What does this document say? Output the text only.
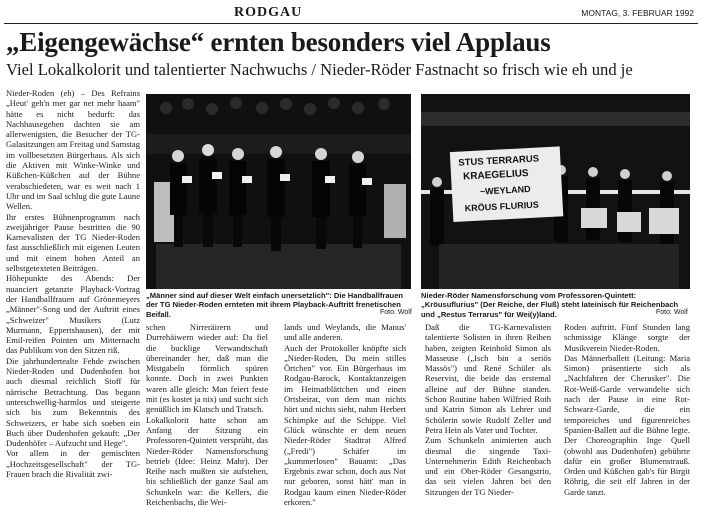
RODGAU	MONTAG, 3. FEBRUAR 1992
„Eigengewächse“ ernten besonders viel Applaus
Viel Lokalkolorit und talentierter Nachwuchs / Nieder-Röder Fastnacht so frisch wie eh und je

Nieder-Roden (eh) – Des Refrains „Heut' geh'n mer gar net mehr haam" hätte es nicht bedurft: das Nachhausegehen dachten sie am allerwenigsten, die Besucher der TG-Galasitzungen am Freitag und Samstag im vollbesetzten Bürgerhaus. Als sich die Aktiven mit Winke-Winke und Küßchen-Küßchen auf der Bühne verabschiedeten, war es weit nach 1 Uhr und im Saal schlug die gute Laune Wellen.
Ihr erstes Bühnenprogramm nach zweijähriger Pause bestritten die 90 Karnevalisten der TG Nieder-Roden fast ausschließlich mit eigenen Leuten und mit einem hohen Anteil an selbstgetexteten Beiträgen.
Höhepunkte des Abends: Der nuanciert getanzte Playback-Vortrag der Handballfrauen auf Grönemeyers „Männer"-Song und der Auftritt eines „Schweizer" Musikers (Lutz Murmann, Eppertshausen), der mit Emil-reifen Pointen um Mitternacht das Publikum von den Sitzen riß.
Die jahrhundertealte Fehde zwischen Nieder-Roden und Dudenhofen bot auch diesmal reichlich Stoff für närrische Betrachtung. Das begann unterschwellig-harmlos und steigerte sich bis zum Bekenntnis des Schweizers, er habe sich soeben ein Buch über Dudenhofen gekauft: „Der Dudenhöfer – Aufzucht und Hege".
Vor allem in der gemischten „Hochzeitsgesellschaft" der TG-Frauen brach die Rivalität zwi-

„Männer sind auf dieser Welt einfach unersetzlich": Die Handballfrauen der TG Nieder-Roden ernteten mit ihrem Playback-Auftritt frenetischen Beifall.	Foto: Wolf
STUS TERRARUS
KRAEGELIUS
~WEYLAND
KRÖUS FLURIUS
Nieder-Röder Namensforschung vom Professoren-Quintett: „Kröusuflurius" (Der Reiche, der Fluß) steht lateinisch für Reichenbach und „Restus Terrarus" für Wei(y)land.	Foto: Wolf

schen Nirreräirern und Durrehäiwern wieder auf: Da fiel die bucklige Verwandtschaft übereinander her, daß man die Mistgabeln förmlich spüren konnte. Doch in zwei Punkten waren alle gleich: Man feiert feste mit (es kostet ja nix) und sucht sich genüßlich im Klatsch und Tratsch.
Lokalkolorit hatte schon am Anfang der Sitzung ein Professoren-Quintett versprüht, das Nieder-Röder Namensforschung betrieb (Idee: Heinz Mahr). Der Reihe nach mußten sie aufstehen, bis schließlich der ganze Saal am Schunkeln war: die Kellers, die Reichenbachs, die Wei-

lands und Weylands, die Manus' und alle anderen.
Auch der Protokoller knöpfte sich „Nieder-Roden, Du mein stilles Örtchen" vor. Ein Bürgerhaus im Rodgau-Barock, Kontaktanzeigen im Heimatblättchen und einen Ortsbeirat, von dem man nichts hört und nichts sieht, nahm Herbert Schimpke auf die Schippe. Viel Glück wünschte er dem neuen Nieder-Röder Stadtrat Alfred („Fredi") Schäfer im „kummerlosen" Bauamt: „Das Ergebnis zwar schon, doch aus Not nur geboren, sonst hätt' man in Rodgau kaum einen Nieder-Röder erkoren."

Daß die TG-Karnevalisten talentierte Solisten in ihren Reihen haben, zeigten Reinhold Simon als Masseuse („Isch bin a seriös Massös") und René Schüler als Reservist, die beide das erstemal alleine auf der Bühne standen. Schon Routine haben Wilfried Roth und Katrin Simon als Lehrer und Schülerin sowie Rudolf Zeller und Petra Hein als Vater und Tochter.
Zum Schunkeln animierten auch diesmal die singende Taxi-Unternehmerin Edith Reichenbach und ein Ober-Röder Gesangstrio, das seit vielen Jahren bei den Sitzungen der TG Nieder-

Roden auftritt. Fünf Stunden lang schmissige Klänge sorgte der Musikverein Nieder-Roden.
Das Männerballett (Leitung: Maria Simon) präsentierte sich als „Nachfahren der Cherusker". Die Rot-Weiß-Garde verwandelte sich nach der Pause in eine Rot-Schwarz-Garde, die ein temporeiches und figurenreiches Spanien-Ballett auf die Bühne legte. Der Choreographin Inge Quell (obwohl aus Dudenhofen) gebührte dafür ein großer Blumenstrauß. Orden und Küßchen gab's für Birgit Röhrig, die seit elf Jahren in der Garde tanzt.
